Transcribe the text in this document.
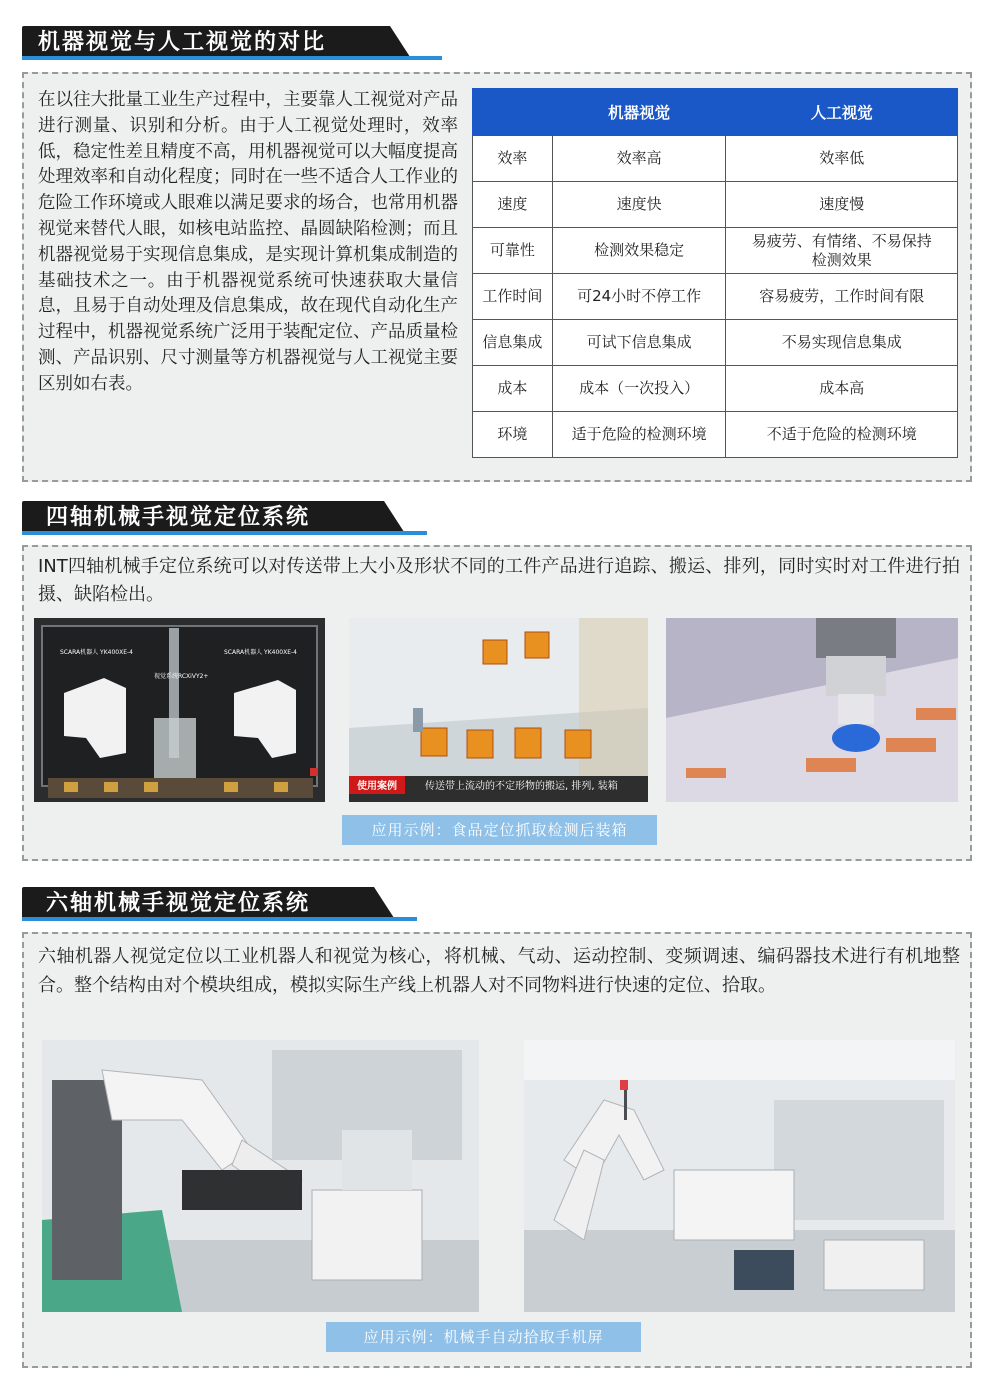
机器视觉与人工视觉的对比
在以往大批量工业生产过程中，主要靠人工视觉对产品进行测量、识别和分析。由于人工视觉处理时，效率低，稳定性差且精度不高，用机器视觉可以大幅度提高处理效率和自动化程度；同时在一些不适合人工作业的危险工作环境或人眼难以满足要求的场合，也常用机器视觉来替代人眼，如核电站监控、晶圆缺陷检测；而且机器视觉易于实现信息集成，是实现计算机集成制造的基础技术之一。由于机器视觉系统可快速获取大量信息，且易于自动处理及信息集成，故在现代自动化生产过程中，机器视觉系统广泛用于装配定位、产品质量检测、产品识别、尺寸测量等方机器视觉与人工视觉主要区别如右表。
	机器视觉	人工视觉
效率	效率高	效率低
速度	速度快	速度慢
可靠性	检测效果稳定	易疲劳、有情绪、不易保持检测效果
工作时间	可24小时不停工作	容易疲劳，工作时间有限
信息集成	可试下信息集成	不易实现信息集成
成本	成本（一次投入）	成本高
环境	适于危险的检测环境	不适于危险的检测环境
四轴机械手视觉定位系统
INT四轴机械手定位系统可以对传送带上大小及形状不同的工件产品进行追踪、搬运、排列，同时实时对工件进行拍摄、缺陷检出。
SCARA机器人 YK400XE-4	SCARA机器人 YK400XE-4
视觉系统RCXiVY2+
使用案例	传送带上流动的不定形物的搬运, 排列, 装箱
应用示例：食品定位抓取检测后装箱
六轴机械手视觉定位系统
六轴机器人视觉定位以工业机器人和视觉为核心，将机械、气动、运动控制、变频调速、编码器技术进行有机地整合。整个结构由对个模块组成，模拟实际生产线上机器人对不同物料进行快速的定位、拾取。
应用示例：机械手自动拾取手机屏
